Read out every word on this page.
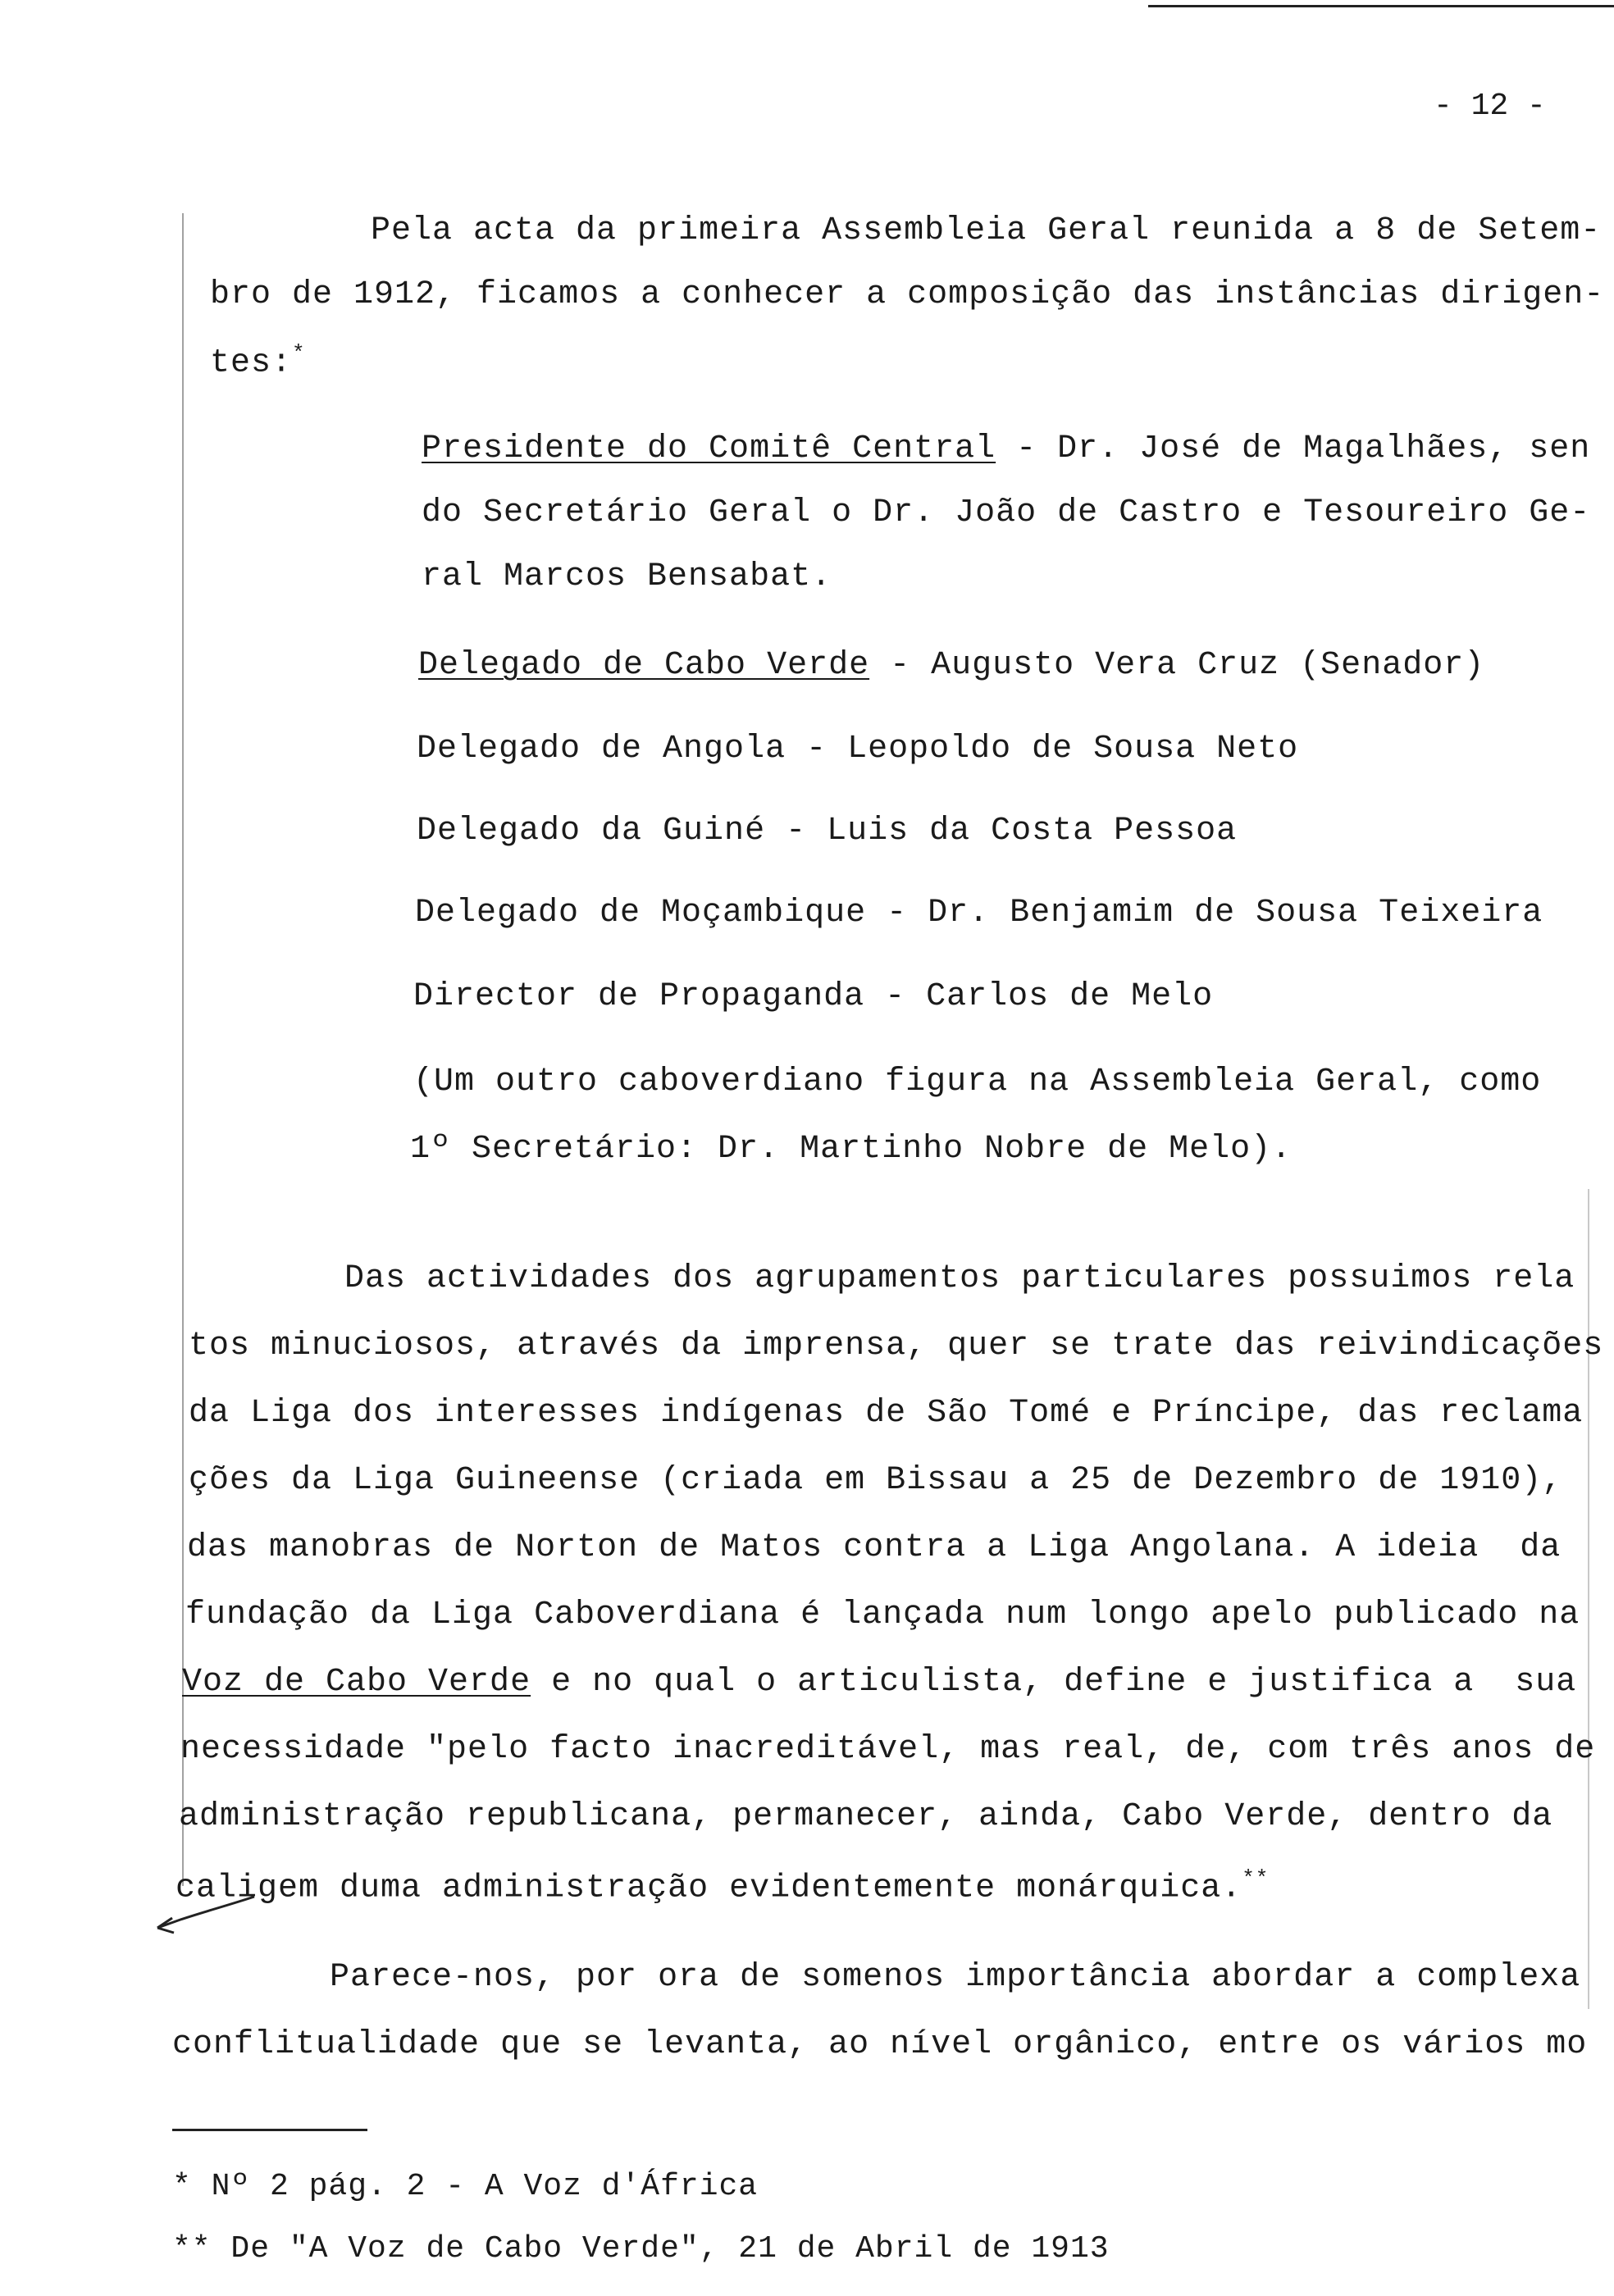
- 12 -
Pela acta da primeira Assembleia Geral reunida a 8 de Setem-
bro de 1912, ficamos a conhecer a composição das instâncias dirigen-
tes:*
Presidente do Comitê Central - Dr. José de Magalhães, sen
do Secretário Geral o Dr. João de Castro e Tesoureiro Ge-
ral Marcos Bensabat.
Delegado de Cabo Verde - Augusto Vera Cruz (Senador)
Delegado de Angola - Leopoldo de Sousa Neto
Delegado da Guiné - Luis da Costa Pessoa
Delegado de Moçambique - Dr. Benjamim de Sousa Teixeira
Director de Propaganda - Carlos de Melo
(Um outro caboverdiano figura na Assembleia Geral, como
1º Secretário: Dr. Martinho Nobre de Melo).
Das actividades dos agrupamentos particulares possuimos rela
tos minuciosos, através da imprensa, quer se trate das reivindicações
da Liga dos interesses indígenas de São Tomé e Príncipe, das reclama
ções da Liga Guineense (criada em Bissau a 25 de Dezembro de 1910),
das manobras de Norton de Matos contra a Liga Angolana. A ideia  da
fundação da Liga Caboverdiana é lançada num longo apelo publicado na
Voz de Cabo Verde e no qual o articulista, define e justifica a  sua
necessidade "pelo facto inacreditável, mas real, de, com três anos de
administração republicana, permanecer, ainda, Cabo Verde, dentro da
caligem duma administração evidentemente monárquica.**
Parece-nos, por ora de somenos importância abordar a complexa
conflitualidade que se levanta, ao nível orgânico, entre os vários mo
* Nº 2 pág. 2 - A Voz d'África
** De "A Voz de Cabo Verde", 21 de Abril de 1913
